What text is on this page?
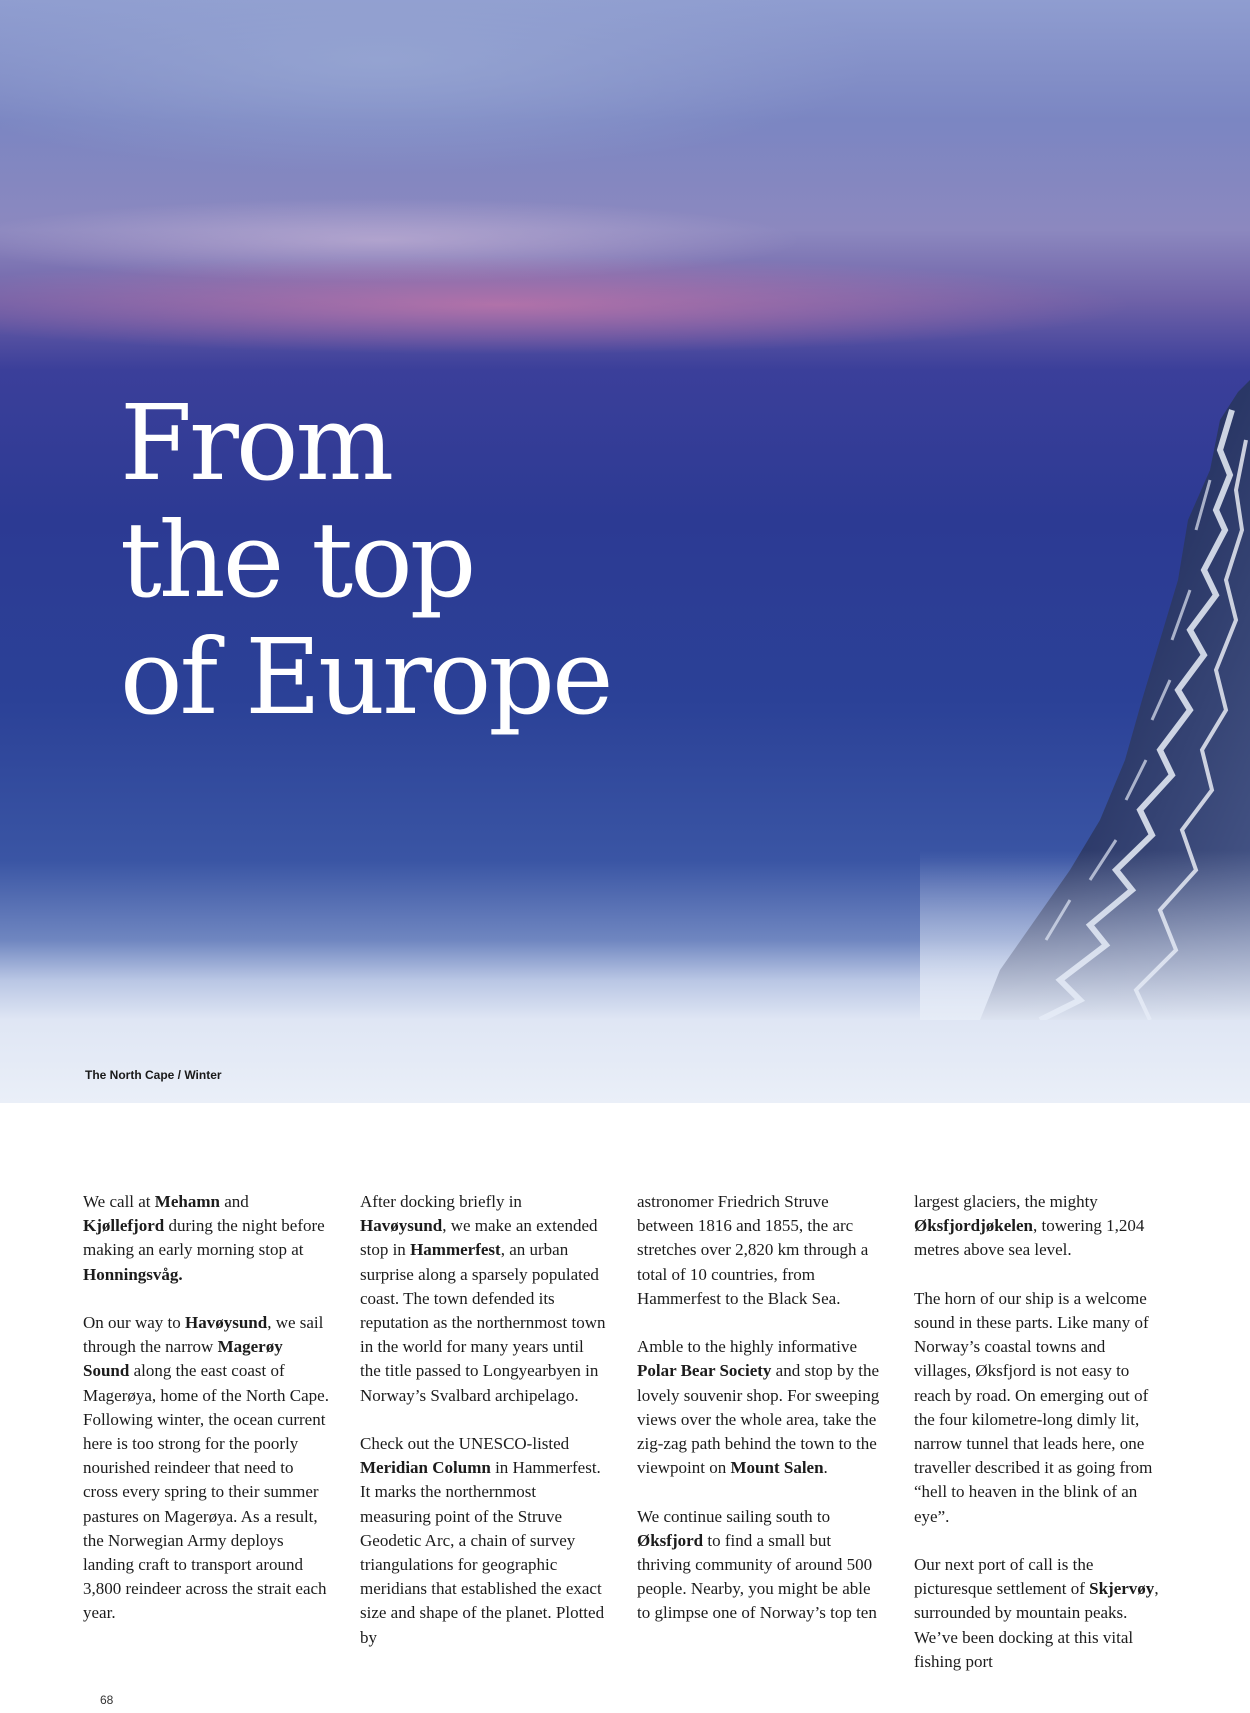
From
the top
of Europe
The North Cape / Winter

We call at Mehamn and Kjøllefjord during the night before making an early morning stop at Honningsvåg.

On our way to Havøysund, we sail through the narrow Magerøy Sound along the east coast of Magerøya, home of the North Cape. Following winter, the ocean current here is too strong for the poorly nourished reindeer that need to cross every spring to their summer pastures on Magerøya. As a result, the Norwegian Army deploys landing craft to transport around 3,800 reindeer across the strait each year.

After docking briefly in Havøysund, we make an extended stop in Hammerfest, an urban surprise along a sparsely populated coast. The town defended its reputation as the northernmost town in the world for many years until the title passed to Longyearbyen in Norway’s Svalbard archipelago.

Check out the UNESCO-listed Meridian Column in Hammerfest. It marks the northernmost measuring point of the Struve Geodetic Arc, a chain of survey triangulations for geographic meridians that established the exact size and shape of the planet. Plotted by

astronomer Friedrich Struve between 1816 and 1855, the arc stretches over 2,820 km through a total of 10 countries, from Hammerfest to the Black Sea.

Amble to the highly informative Polar Bear Society and stop by the lovely souvenir shop. For sweeping views over the whole area, take the zig-zag path behind the town to the viewpoint on Mount Salen.

We continue sailing south to Øksfjord to find a small but thriving community of around 500 people. Nearby, you might be able to glimpse one of Norway’s top ten

largest glaciers, the mighty Øksfjordjøkelen, towering 1,204 metres above sea level.

The horn of our ship is a welcome sound in these parts. Like many of Norway’s coastal towns and villages, Øksfjord is not easy to reach by road. On emerging out of the four kilometre-long dimly lit, narrow tunnel that leads here, one traveller described it as going from “hell to heaven in the blink of an eye”.

Our next port of call is the picturesque settlement of Skjervøy, surrounded by mountain peaks. We’ve been docking at this vital fishing port

68
